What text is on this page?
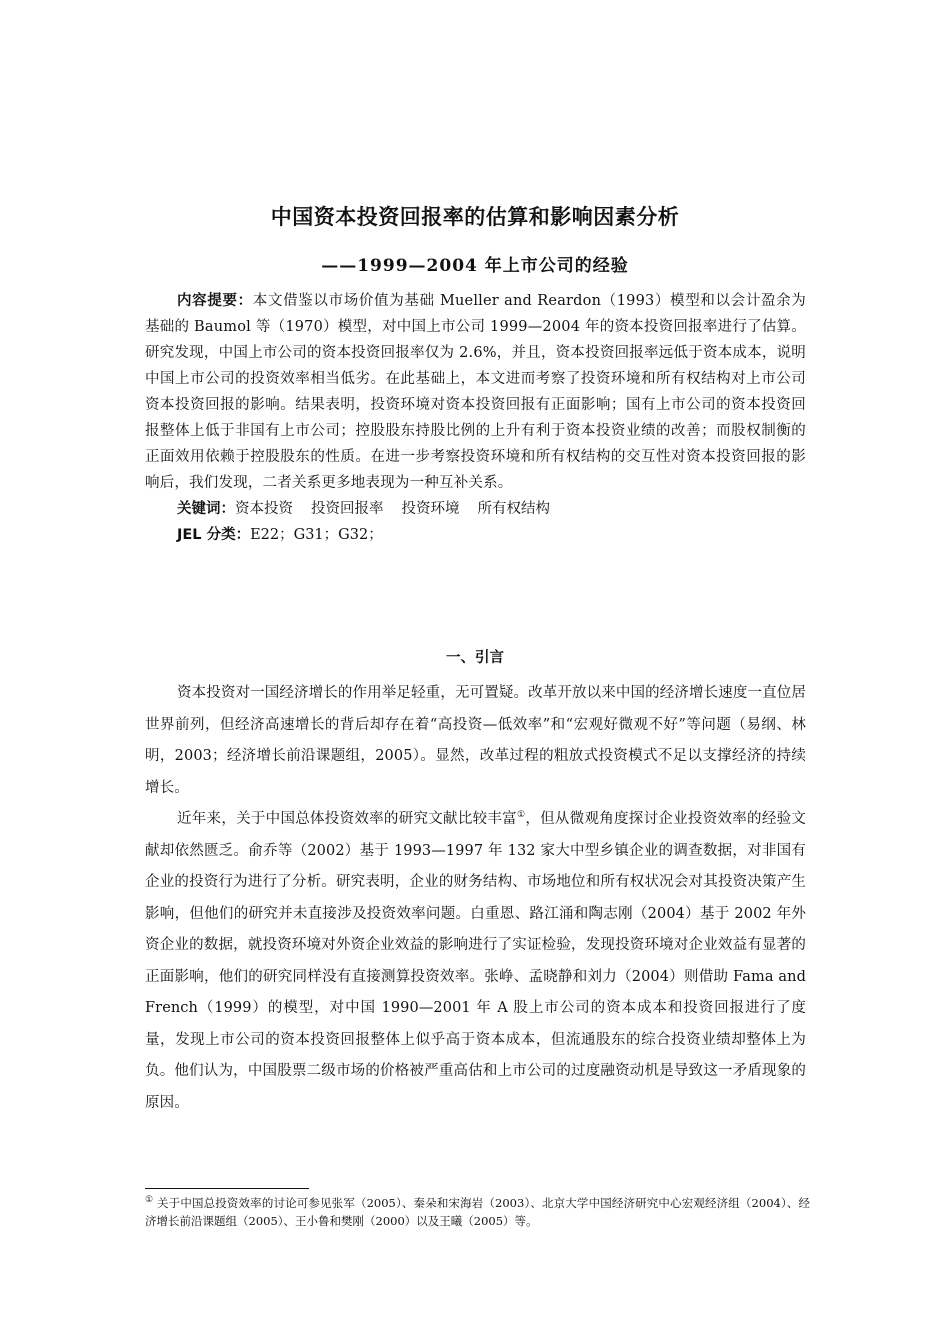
中国资本投资回报率的估算和影响因素分析
——1999—2004 年上市公司的经验

内容提要：本文借鉴以市场价值为基础 Mueller and Reardon（1993）模型和以会计盈余为基础的 Baumol 等（1970）模型，对中国上市公司 1999—2004 年的资本投资回报率进行了估算。研究发现，中国上市公司的资本投资回报率仅为 2.6%，并且，资本投资回报率远低于资本成本，说明中国上市公司的投资效率相当低劣。在此基础上，本文进而考察了投资环境和所有权结构对上市公司资本投资回报的影响。结果表明，投资环境对资本投资回报有正面影响；国有上市公司的资本投资回报整体上低于非国有上市公司；控股股东持股比例的上升有利于资本投资业绩的改善；而股权制衡的正面效用依赖于控股股东的性质。在进一步考察投资环境和所有权结构的交互性对资本投资回报的影响后，我们发现，二者关系更多地表现为一种互补关系。

关键词：资本投资 投资回报率 投资环境 所有权结构

JEL 分类：E22；G31；G32；

一、引言

资本投资对一国经济增长的作用举足轻重，无可置疑。改革开放以来中国的经济增长速度一直位居世界前列，但经济高速增长的背后却存在着“高投资—低效率”和“宏观好微观不好”等问题（易纲、林明，2003；经济增长前沿课题组，2005）。显然，改革过程的粗放式投资模式不足以支撑经济的持续增长。

近年来，关于中国总体投资效率的研究文献比较丰富①，但从微观角度探讨企业投资效率的经验文献却依然匮乏。俞乔等（2002）基于 1993—1997 年 132 家大中型乡镇企业的调查数据，对非国有企业的投资行为进行了分析。研究表明，企业的财务结构、市场地位和所有权状况会对其投资决策产生影响，但他们的研究并未直接涉及投资效率问题。白重恩、路江涌和陶志刚（2004）基于 2002 年外资企业的数据，就投资环境对外资企业效益的影响进行了实证检验，发现投资环境对企业效益有显著的正面影响，他们的研究同样没有直接测算投资效率。张峥、孟晓静和刘力（2004）则借助 Fama and French（1999）的模型，对中国 1990—2001 年 A 股上市公司的资本成本和投资回报进行了度量，发现上市公司的资本投资回报整体上似乎高于资本成本，但流通股东的综合投资业绩却整体上为负。他们认为，中国股票二级市场的价格被严重高估和上市公司的过度融资动机是导致这一矛盾现象的原因。

① 关于中国总投资效率的讨论可参见张军（2005）、秦朵和宋海岩（2003）、北京大学中国经济研究中心宏观经济组（2004）、经济增长前沿课题组（2005）、王小鲁和樊刚（2000）以及王曦（2005）等。
